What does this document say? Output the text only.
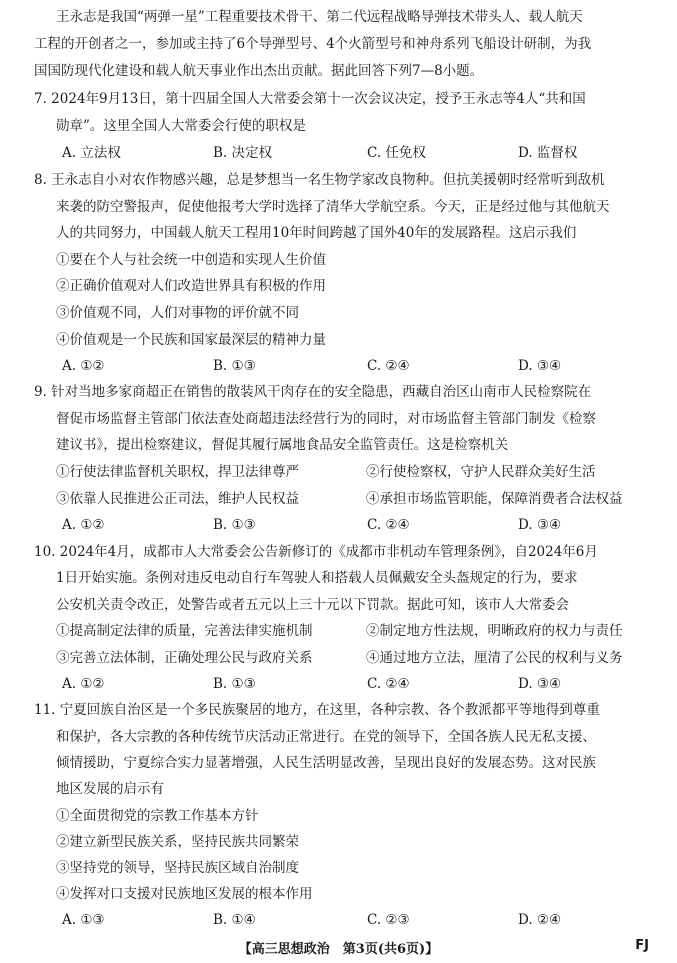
王永志是我国“两弹一星”工程重要技术骨干、第二代远程战略导弹技术带头人、载人航天
工程的开创者之一，参加或主持了6个导弹型号、4个火箭型号和神舟系列飞船设计研制，为我
国国防现代化建设和载人航天事业作出杰出贡献。据此回答下列7—8小题。
7. 2024年9月13日，第十四届全国人大常委会第十一次会议决定，授予王永志等4人“共和国
勋章”。这里全国人大常委会行使的职权是
A. 立法权	B. 决定权	C. 任免权	D. 监督权
8. 王永志自小对农作物感兴趣，总是梦想当一名生物学家改良物种。但抗美援朝时经常听到敌机
来袭的防空警报声，促使他报考大学时选择了清华大学航空系。今天，正是经过他与其他航天
人的共同努力，中国载人航天工程用10年时间跨越了国外40年的发展路程。这启示我们
①要在个人与社会统一中创造和实现人生价值
②正确价值观对人们改造世界具有积极的作用
③价值观不同，人们对事物的评价就不同
④价值观是一个民族和国家最深层的精神力量
A. ①②	B. ①③	C. ②④	D. ③④
9. 针对当地多家商超正在销售的散装风干肉存在的安全隐患，西藏自治区山南市人民检察院在
督促市场监督主管部门依法查处商超违法经营行为的同时，对市场监督主管部门制发《检察
建议书》，提出检察建议，督促其履行属地食品安全监管责任。这是检察机关
①行使法律监督机关职权，捍卫法律尊严	②行使检察权，守护人民群众美好生活
③依靠人民推进公正司法，维护人民权益	④承担市场监管职能，保障消费者合法权益
A. ①②	B. ①③	C. ②④	D. ③④
10. 2024年4月，成都市人大常委会公告新修订的《成都市非机动车管理条例》，自2024年6月
1日开始实施。条例对违反电动自行车驾驶人和搭载人员佩戴安全头盔规定的行为，要求
公安机关责令改正，处警告或者五元以上三十元以下罚款。据此可知，该市人大常委会
①提高制定法律的质量，完善法律实施机制	②制定地方性法规，明晰政府的权力与责任
③完善立法体制，正确处理公民与政府关系	④通过地方立法，厘清了公民的权利与义务
A. ①②	B. ①③	C. ②④	D. ③④
11. 宁夏回族自治区是一个多民族聚居的地方，在这里，各种宗教、各个教派都平等地得到尊重
和保护，各大宗教的各种传统节庆活动正常进行。在党的领导下，全国各族人民无私支援、
倾情援助，宁夏综合实力显著增强，人民生活明显改善，呈现出良好的发展态势。这对民族
地区发展的启示有
①全面贯彻党的宗教工作基本方针
②建立新型民族关系，坚持民族共同繁荣
③坚持党的领导，坚持民族区域自治制度
④发挥对口支援对民族地区发展的根本作用
A. ①③	B. ①④	C. ②③	D. ②④
【高三思想政治　第3页(共6页)】	FJ
